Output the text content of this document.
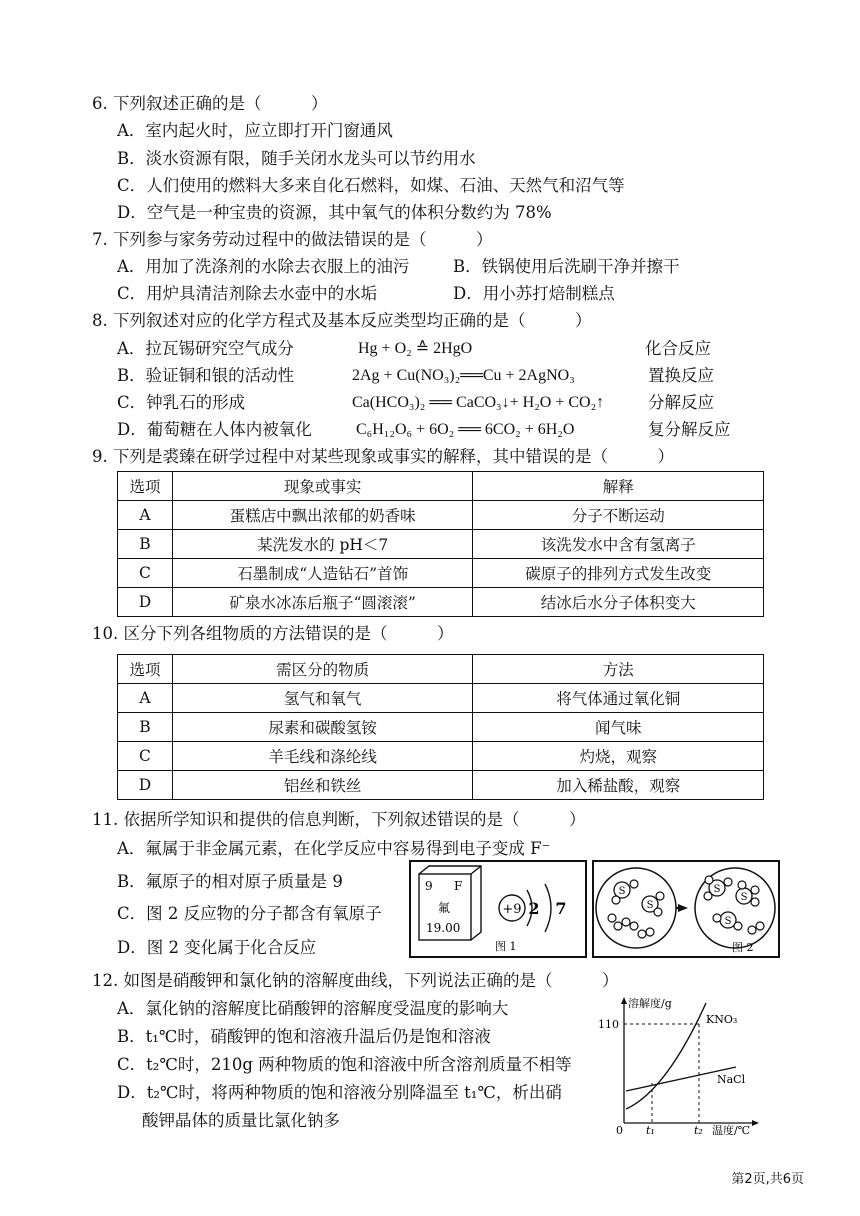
6. 下列叙述正确的是（　　　）
A．室内起火时，应立即打开门窗通风
B．淡水资源有限，随手关闭水龙头可以节约用水
C．人们使用的燃料大多来自化石燃料，如煤、石油、天然气和沼气等
D．空气是一种宝贵的资源，其中氧气的体积分数约为 78%
7. 下列参与家务劳动过程中的做法错误的是（　　　）
A．用加了洗涤剂的水除去衣服上的油污	B．铁锅使用后洗刷干净并擦干
C．用炉具清洁剂除去水壶中的水垢	D．用小苏打焙制糕点
8. 下列叙述对应的化学方程式及基本反应类型均正确的是（　　　）
A．拉瓦锡研究空气成分	Hg + O₂ ≙ 2HgO	化合反应
B．验证铜和银的活动性	2Ag + Cu(NO₃)₂══Cu + 2AgNO₃	置换反应
C．钟乳石的形成	Ca(HCO₃)₂ ══ CaCO₃↓+ H₂O + CO₂↑	分解反应
D．葡萄糖在人体内被氧化	C₆H₁₂O₆ + 6O₂ ══ 6CO₂ + 6H₂O	复分解反应
9. 下列是裘臻在研学过程中对某些现象或事实的解释，其中错误的是（　　　）
选项	现象或事实	解释
A	蛋糕店中飘出浓郁的奶香味	分子不断运动
B	某洗发水的 pH＜7	该洗发水中含有氢离子
C	石墨制成“人造钻石”首饰	碳原子的排列方式发生改变
D	矿泉水冰冻后瓶子“圆滚滚”	结冰后水分子体积变大
10. 区分下列各组物质的方法错误的是（　　　）
选项	需区分的物质	方法
A	氢气和氧气	将气体通过氧化铜
B	尿素和碳酸氢铵	闻气味
C	羊毛线和涤纶线	灼烧，观察
D	铝丝和铁丝	加入稀盐酸，观察
11. 依据所学知识和提供的信息判断，下列叙述错误的是（　　　）
A．氟属于非金属元素，在化学反应中容易得到电子变成 F⁻
B．氟原子的相对原子质量是 9
C．图 2 反应物的分子都含有氧原子
D．图 2 变化属于化合反应
9 F
氟
19.00
+9 2 7
图 1
S
S
S
S
S
图 2
12. 如图是硝酸钾和氯化钠的溶解度曲线，下列说法正确的是（　　　）
A．氯化钠的溶解度比硝酸钾的溶解度受温度的影响大
B．t₁℃时，硝酸钾的饱和溶液升温后仍是饱和溶液
C．t₂℃时，210g 两种物质的饱和溶液中所含溶剂质量不相等
D．t₂℃时，将两种物质的饱和溶液分别降温至 t₁℃，析出硝
酸钾晶体的质量比氯化钠多
溶解度/g
110	KNO₃
NaCl
0 t₁	t₂ 温度/℃
第2页,共6页
